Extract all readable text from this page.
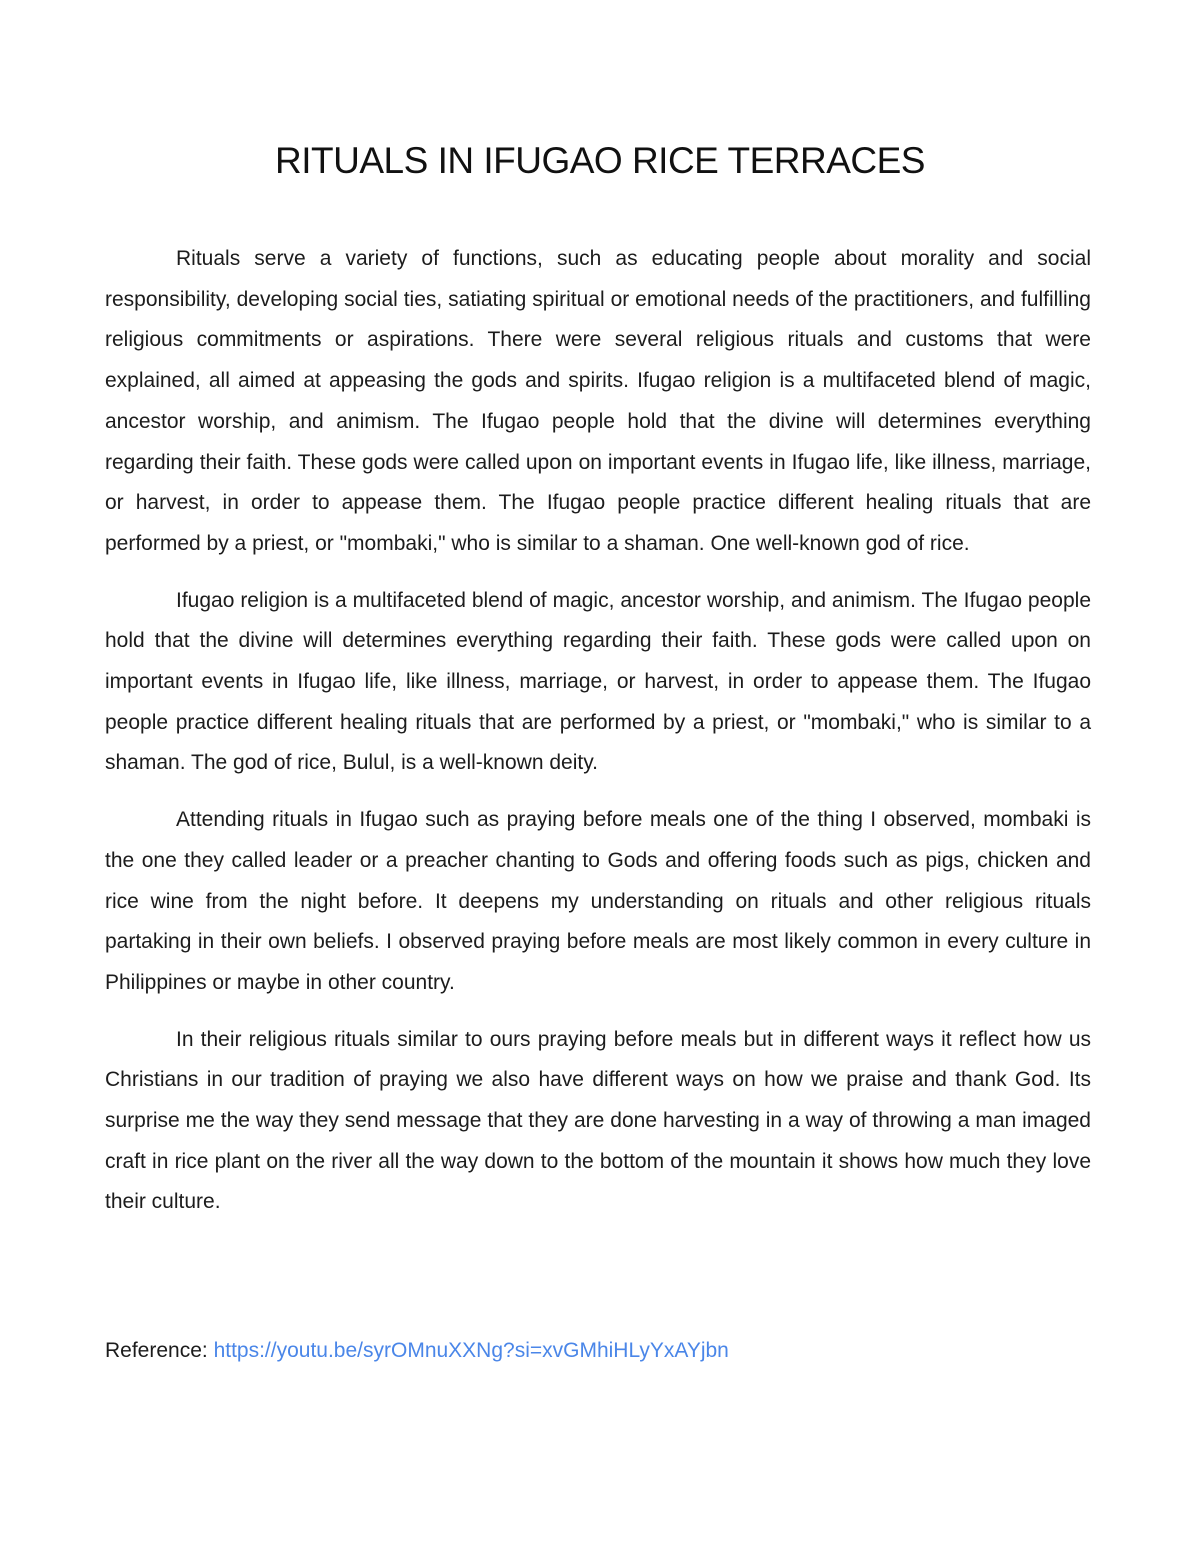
RITUALS IN IFUGAO RICE TERRACES

Rituals serve a variety of functions, such as educating people about morality and social responsibility, developing social ties, satiating spiritual or emotional needs of the practitioners, and fulfilling religious commitments or aspirations. There were several religious rituals and customs that were explained, all aimed at appeasing the gods and spirits. Ifugao religion is a multifaceted blend of magic, ancestor worship, and animism. The Ifugao people hold that the divine will determines everything regarding their faith. These gods were called upon on important events in Ifugao life, like illness, marriage, or harvest, in order to appease them. The Ifugao people practice different healing rituals that are performed by a priest, or "mombaki," who is similar to a shaman. One well-known god of rice.

Ifugao religion is a multifaceted blend of magic, ancestor worship, and animism. The Ifugao people hold that the divine will determines everything regarding their faith. These gods were called upon on important events in Ifugao life, like illness, marriage, or harvest, in order to appease them. The Ifugao people practice different healing rituals that are performed by a priest, or "mombaki," who is similar to a shaman. The god of rice, Bulul, is a well-known deity.

Attending rituals in Ifugao such as praying before meals one of the thing I observed, mombaki is the one they called leader or a preacher chanting to Gods and offering foods such as pigs, chicken and rice wine from the night before. It deepens my understanding on rituals and other religious rituals partaking in their own beliefs. I observed praying before meals are most likely common in every culture in Philippines or maybe in other country.

In their religious rituals similar to ours praying before meals but in different ways it reflect how us Christians in our tradition of praying we also have different ways on how we praise and thank God. Its surprise me the way they send message that they are done harvesting in a way of throwing a man imaged craft in rice plant on the river all the way down to the bottom of the mountain it shows how much they love their culture.

Reference: https://youtu.be/syrOMnuXXNg?si=xvGMhiHLyYxAYjbn
